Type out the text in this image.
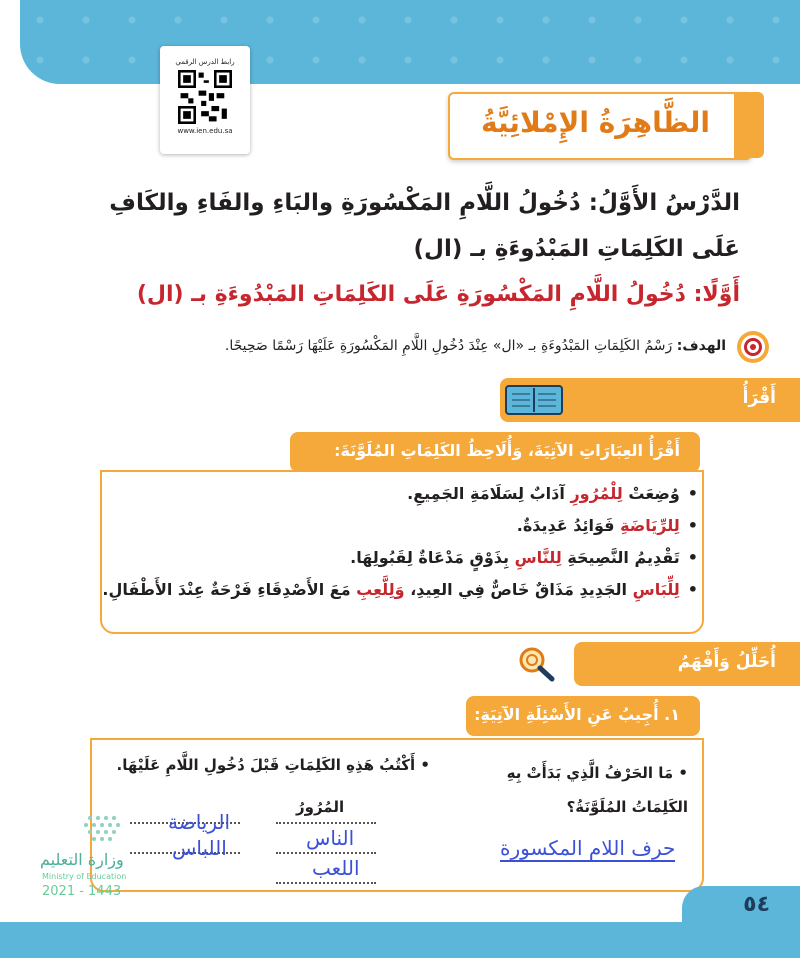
رابط الدرس الرقمي
www.ien.edu.sa	الظَّاهِرَةُ الإِمْلائِيَّةُ
الدَّرْسُ الأَوَّلُ: دُخُولُ اللَّامِ المَكْسُورَةِ والبَاءِ والفَاءِ والكَافِ عَلَى الكَلِمَاتِ المَبْدُوءَةِ بـ (ال)
أَوَّلًا: دُخُولُ اللَّامِ المَكْسُورَةِ عَلَى الكَلِمَاتِ المَبْدُوءَةِ بـ (ال)
الهدف: رَسْمُ الكَلِمَاتِ المَبْدُوءَةِ بـ «ال» عِنْدَ دُخُولِ اللَّامِ المَكْسُورَةِ عَلَيْهَا رَسْمًا صَحِيحًا.
أَقْرَأُ
أَقْرَأُ العِبَارَاتِ الآتِيَةَ، وَأُلَاحِظُ الكَلِمَاتِ المُلَوَّنَةَ:
• وُضِعَتْ لِلْمُرُورِ آدَابٌ لِسَلَامَةِ الجَمِيعِ.
• لِلرِّيَاضَةِ فَوَائِدُ عَدِيدَةٌ.
• تَقْدِيمُ النَّصِيحَةِ لِلنَّاسِ بِذَوْقٍ مَدْعَاةٌ لِقَبُولِهَا.
• لِلِّبَاسِ الجَدِيدِ مَذَاقٌ خَاصٌّ فِي العِيدِ، وَلِلَّعِبِ مَعَ الأَصْدِقَاءِ فَرْحَةٌ عِنْدَ الأَطْفَالِ.
أُحَلِّلُ وَأَفْهَمُ
١. أُجِيبُ عَنِ الأَسْئِلَةِ الآتِيَةِ:
• مَا الحَرْفُ الَّذِي بَدَأَتْ بِهِ الكَلِمَاتُ المُلَوَّنَةُ؟
حرف اللام المكسورة
• أَكْتُبُ هَذِهِ الكَلِمَاتِ قَبْلَ دُخُولِ اللَّامِ عَلَيْهَا.
المُرُورُ
الرياضة
اللباس	الناس
اللعب
وزارة التعليم
Ministry of Education
2021 - 1443
٥٤
